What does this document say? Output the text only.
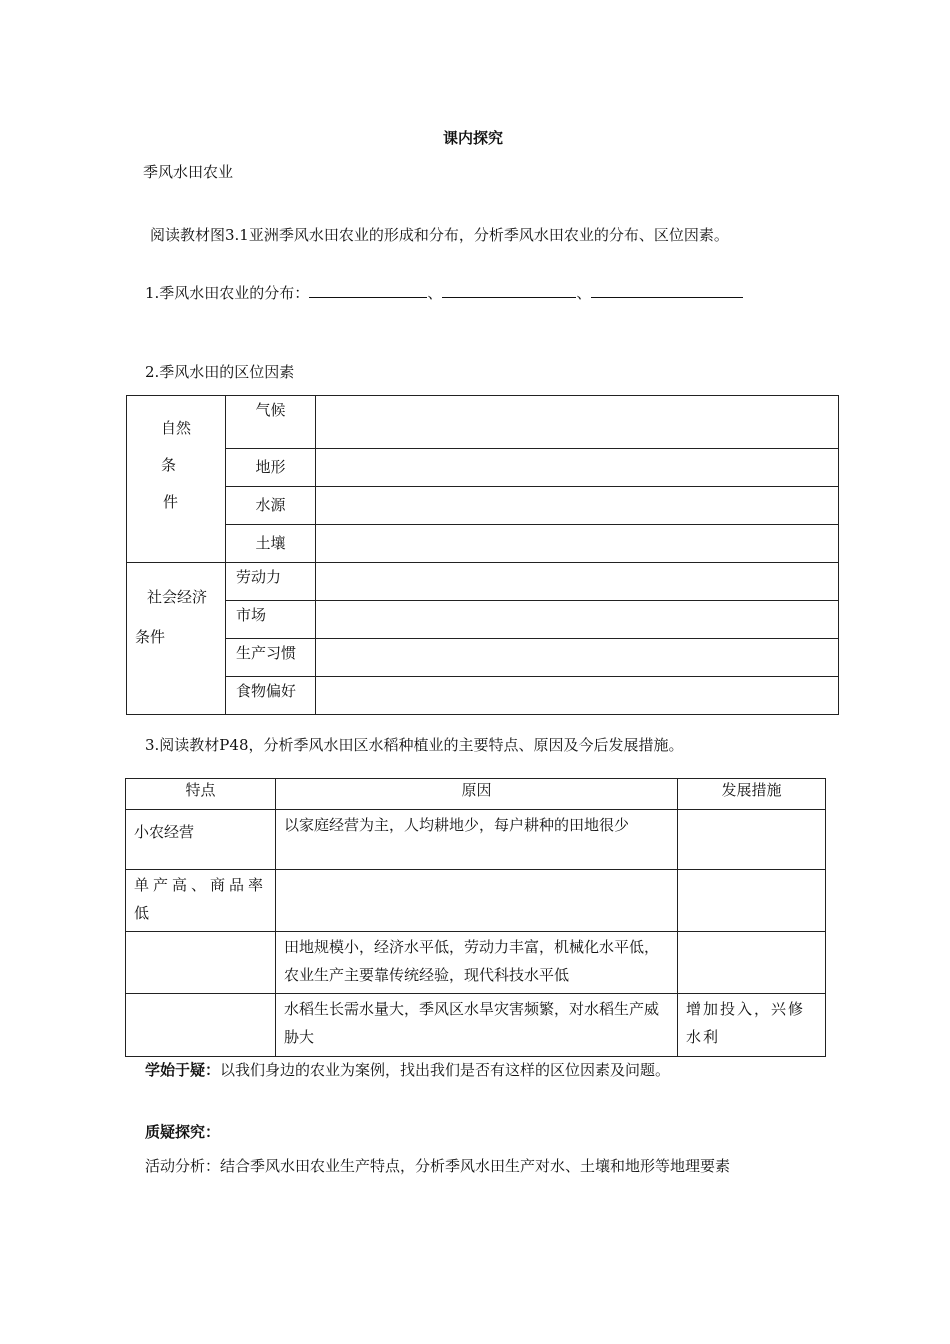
课内探究
季风水田农业
阅读教材图3.1亚洲季风水田农业的形成和分布，分析季风水田农业的分布、区位因素。
1.季风水田农业的分布：	、	、
2.季风水田的区位因素
自然
条
件	气候	
	地形	
	水源	
	土壤	

社会经济
条件	劳动力	
	市场	
	生产习惯	
	食物偏好	
3.阅读教材P48，分析季风水田区水稻种植业的主要特点、原因及今后发展措施。
特点	原因	发展措施
小农经营	以家庭经营为主，人均耕地少，每户耕种的田地很少	
单产高、商品率低		
	田地规模小，经济水平低，劳动力丰富，机械化水平低，农业生产主要靠传统经验，现代科技水平低	
	水稻生长需水量大，季风区水旱灾害频繁，对水稻生产威胁大	增加投入，兴修水利
学始于疑：以我们身边的农业为案例，找出我们是否有这样的区位因素及问题。
质疑探究：
活动分析：结合季风水田农业生产特点，分析季风水田生产对水、土壤和地形等地理要素
